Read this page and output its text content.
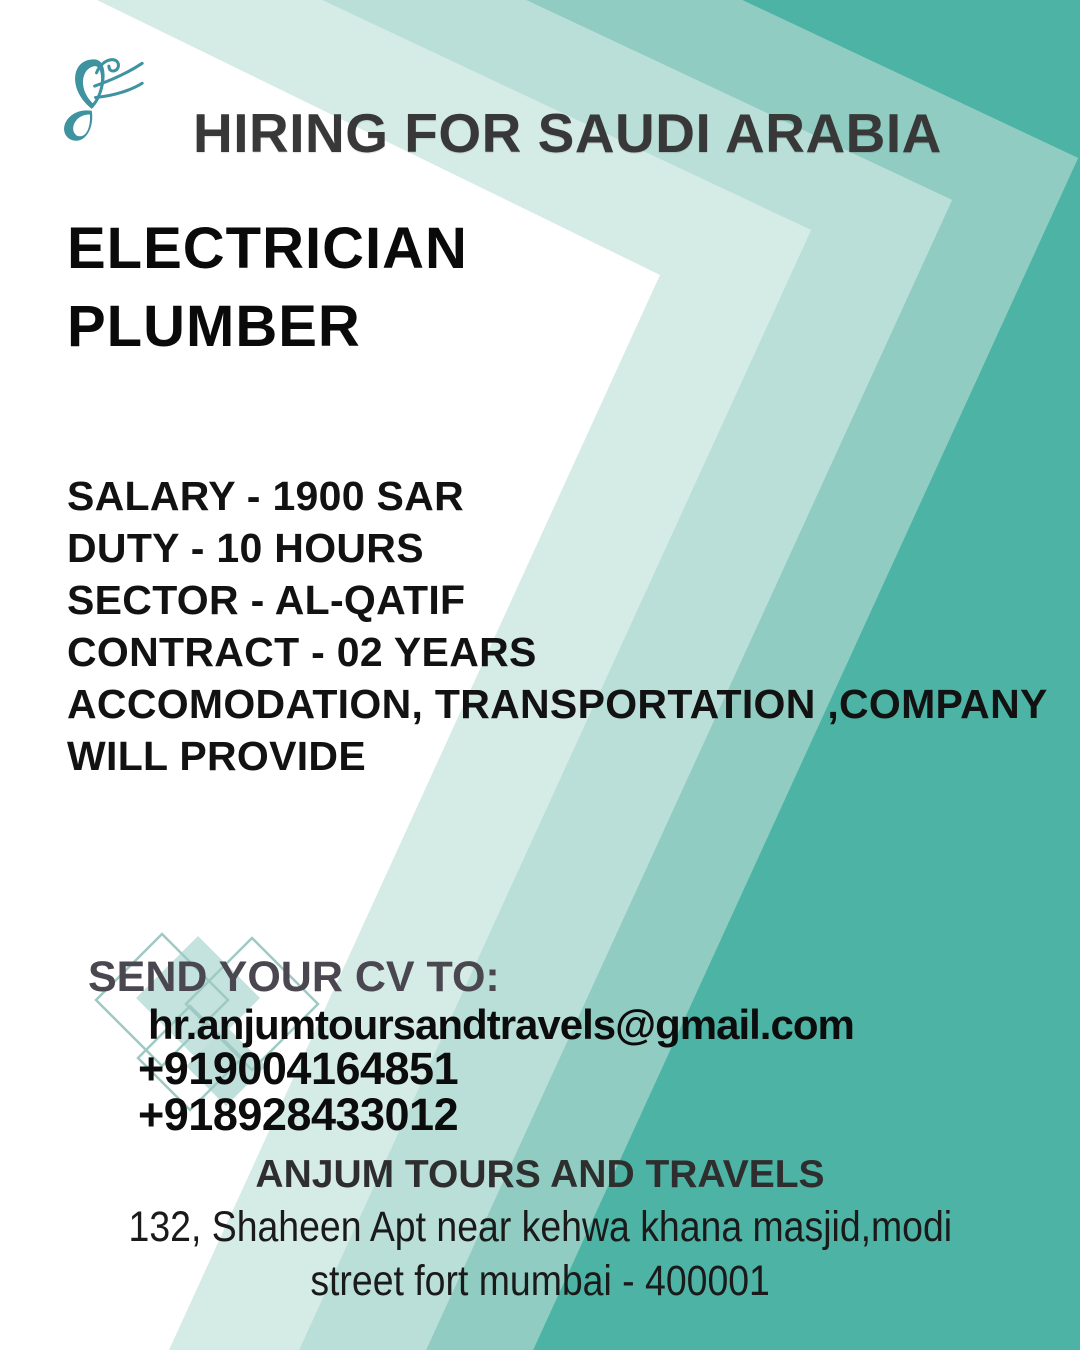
HIRING FOR SAUDI ARABIA
ELECTRICIAN
PLUMBER
SALARY - 1900 SAR
DUTY - 10 HOURS
SECTOR - AL-QATIF
CONTRACT - 02 YEARS
ACCOMODATION, TRANSPORTATION ,COMPANY
WILL PROVIDE
SEND YOUR CV TO:
hr.anjumtoursandtravels@gmail.com
+919004164851
+918928433012
ANJUM TOURS AND TRAVELS
132, Shaheen Apt near kehwa khana masjid,modi
street fort mumbai - 400001
